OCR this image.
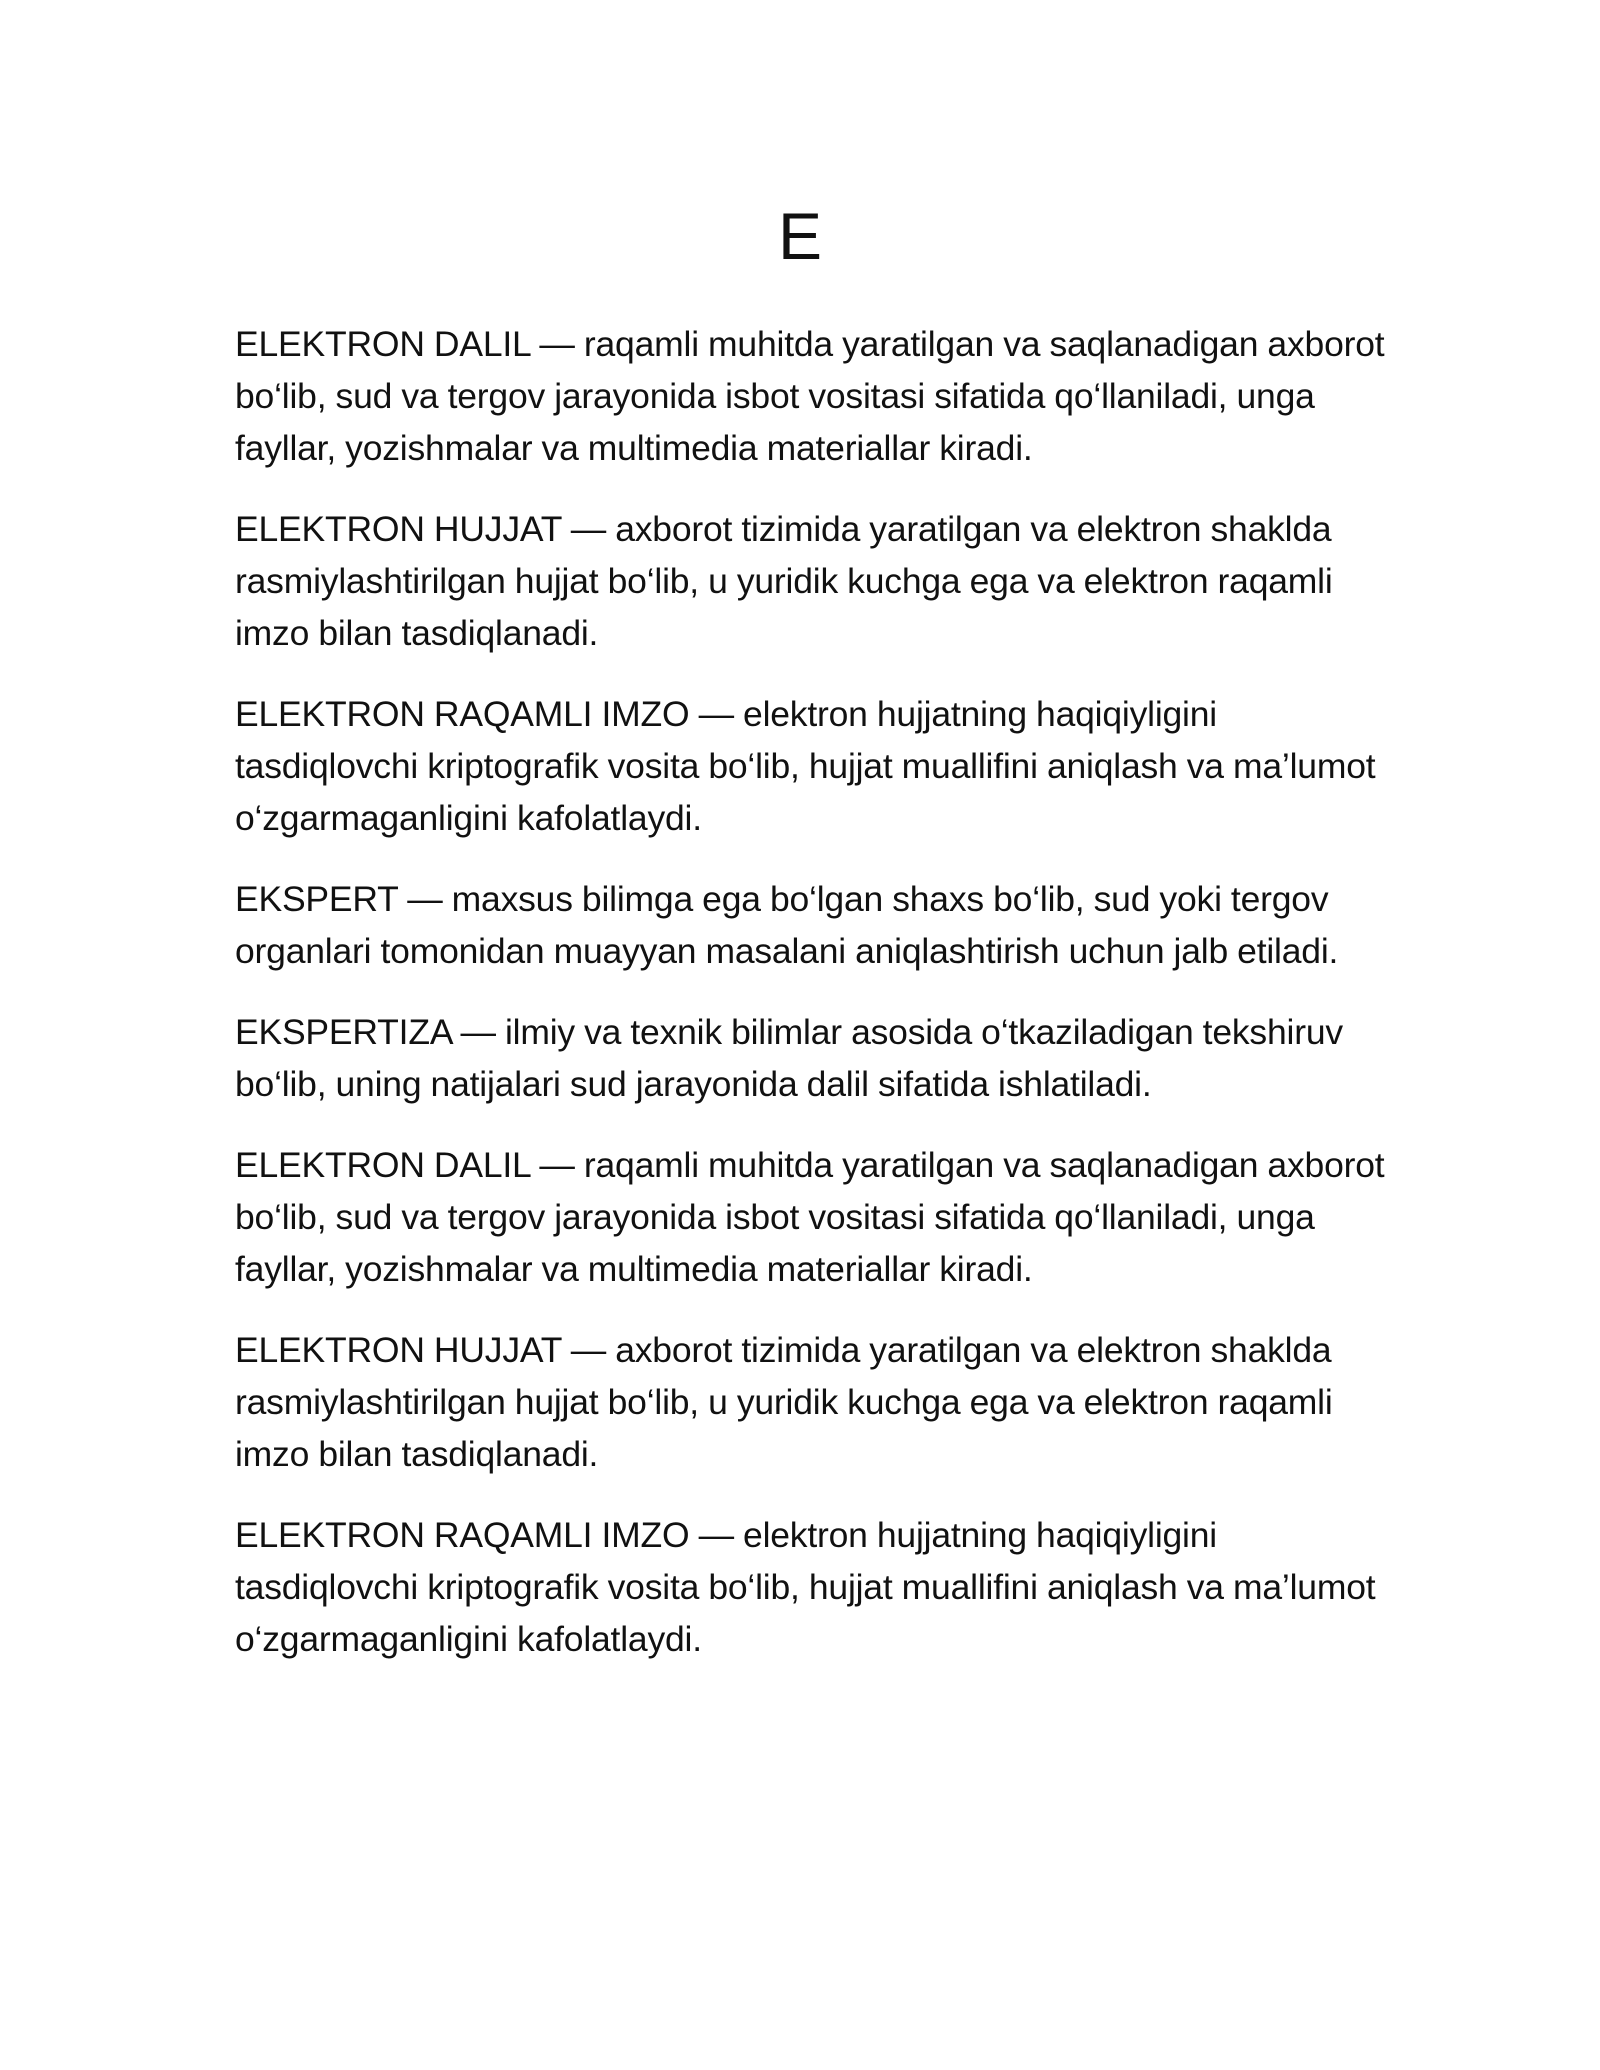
E

ELEKTRON DALIL — raqamli muhitda yaratilgan va saqlanadigan axborot bo‘lib, sud va tergov jarayonida isbot vositasi sifatida qo‘llaniladi, unga fayllar, yozishmalar va multimedia materiallar kiradi.

ELEKTRON HUJJAT — axborot tizimida yaratilgan va elektron shaklda rasmiylashtirilgan hujjat bo‘lib, u yuridik kuchga ega va elektron raqamli imzo bilan tasdiqlanadi.

ELEKTRON RAQAMLI IMZO — elektron hujjatning haqiqiyligini tasdiqlovchi kriptografik vosita bo‘lib, hujjat muallifini aniqlash va ma’lumot o‘zgarmaganligini kafolatlaydi.

EKSPERT — maxsus bilimga ega bo‘lgan shaxs bo‘lib, sud yoki tergov organlari tomonidan muayyan masalani aniqlashtirish uchun jalb etiladi.

EKSPERTIZA — ilmiy va texnik bilimlar asosida o‘tkaziladigan tekshiruv bo‘lib, uning natijalari sud jarayonida dalil sifatida ishlatiladi.

ELEKTRON DALIL — raqamli muhitda yaratilgan va saqlanadigan axborot bo‘lib, sud va tergov jarayonida isbot vositasi sifatida qo‘llaniladi, unga fayllar, yozishmalar va multimedia materiallar kiradi.

ELEKTRON HUJJAT — axborot tizimida yaratilgan va elektron shaklda rasmiylashtirilgan hujjat bo‘lib, u yuridik kuchga ega va elektron raqamli imzo bilan tasdiqlanadi.

ELEKTRON RAQAMLI IMZO — elektron hujjatning haqiqiyligini tasdiqlovchi kriptografik vosita bo‘lib, hujjat muallifini aniqlash va ma’lumot o‘zgarmaganligini kafolatlaydi.
